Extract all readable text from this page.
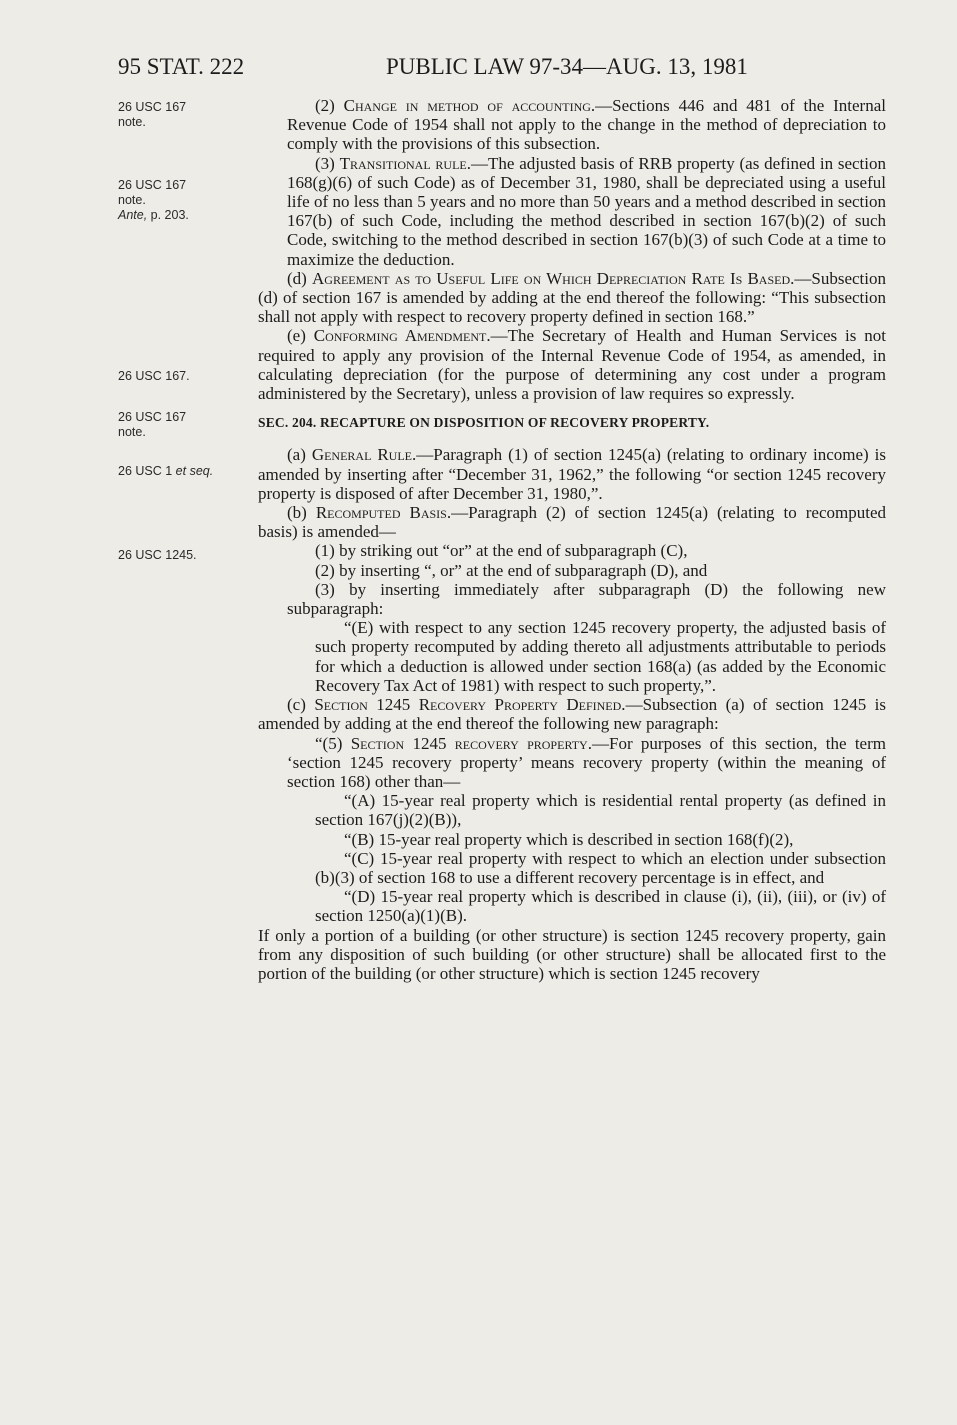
95 STAT. 222	PUBLIC LAW 97-34—AUG. 13, 1981
26 USC 167
note.
26 USC 167
note.
Ante, p. 203.
26 USC 167.
26 USC 167
note.
26 USC 1 et seq.
26 USC 1245.

(2) Change in method of accounting.—Sections 446 and 481 of the Internal Revenue Code of 1954 shall not apply to the change in the method of depreciation to comply with the provisions of this subsection.

(3) Transitional rule.—The adjusted basis of RRB property (as defined in section 168(g)(6) of such Code) as of December 31, 1980, shall be depreciated using a useful life of no less than 5 years and no more than 50 years and a method described in section 167(b) of such Code, including the method described in section 167(b)(2) of such Code, switching to the method described in section 167(b)(3) of such Code at a time to maximize the deduction.

(d) Agreement as to Useful Life on Which Depreciation Rate Is Based.—Subsection (d) of section 167 is amended by adding at the end thereof the following: “This subsection shall not apply with respect to recovery property defined in section 168.”

(e) Conforming Amendment.—The Secretary of Health and Human Services is not required to apply any provision of the Internal Revenue Code of 1954, as amended, in calculating depreciation (for the purpose of determining any cost under a program administered by the Secretary), unless a provision of law requires so expressly.

SEC. 204. RECAPTURE ON DISPOSITION OF RECOVERY PROPERTY.

(a) General Rule.—Paragraph (1) of section 1245(a) (relating to ordinary income) is amended by inserting after “December 31, 1962,” the following “or section 1245 recovery property is disposed of after December 31, 1980,”.

(b) Recomputed Basis.—Paragraph (2) of section 1245(a) (relating to recomputed basis) is amended—

(1) by striking out “or” at the end of subparagraph (C),

(2) by inserting “, or” at the end of subparagraph (D), and

(3) by inserting immediately after subparagraph (D) the following new subparagraph:

“(E) with respect to any section 1245 recovery property, the adjusted basis of such property recomputed by adding thereto all adjustments attributable to periods for which a deduction is allowed under section 168(a) (as added by the Economic Recovery Tax Act of 1981) with respect to such property,”.

(c) Section 1245 Recovery Property Defined.—Subsection (a) of section 1245 is amended by adding at the end thereof the following new paragraph:

“(5) Section 1245 recovery property.—For purposes of this section, the term ‘section 1245 recovery property’ means recovery property (within the meaning of section 168) other than—

“(A) 15-year real property which is residential rental property (as defined in section 167(j)(2)(B)),

“(B) 15-year real property which is described in section 168(f)(2),

“(C) 15-year real property with respect to which an election under subsection (b)(3) of section 168 to use a different recovery percentage is in effect, and

“(D) 15-year real property which is described in clause (i), (ii), (iii), or (iv) of section 1250(a)(1)(B).

If only a portion of a building (or other structure) is section 1245 recovery property, gain from any disposition of such building (or other structure) shall be allocated first to the portion of the building (or other structure) which is section 1245 recovery
